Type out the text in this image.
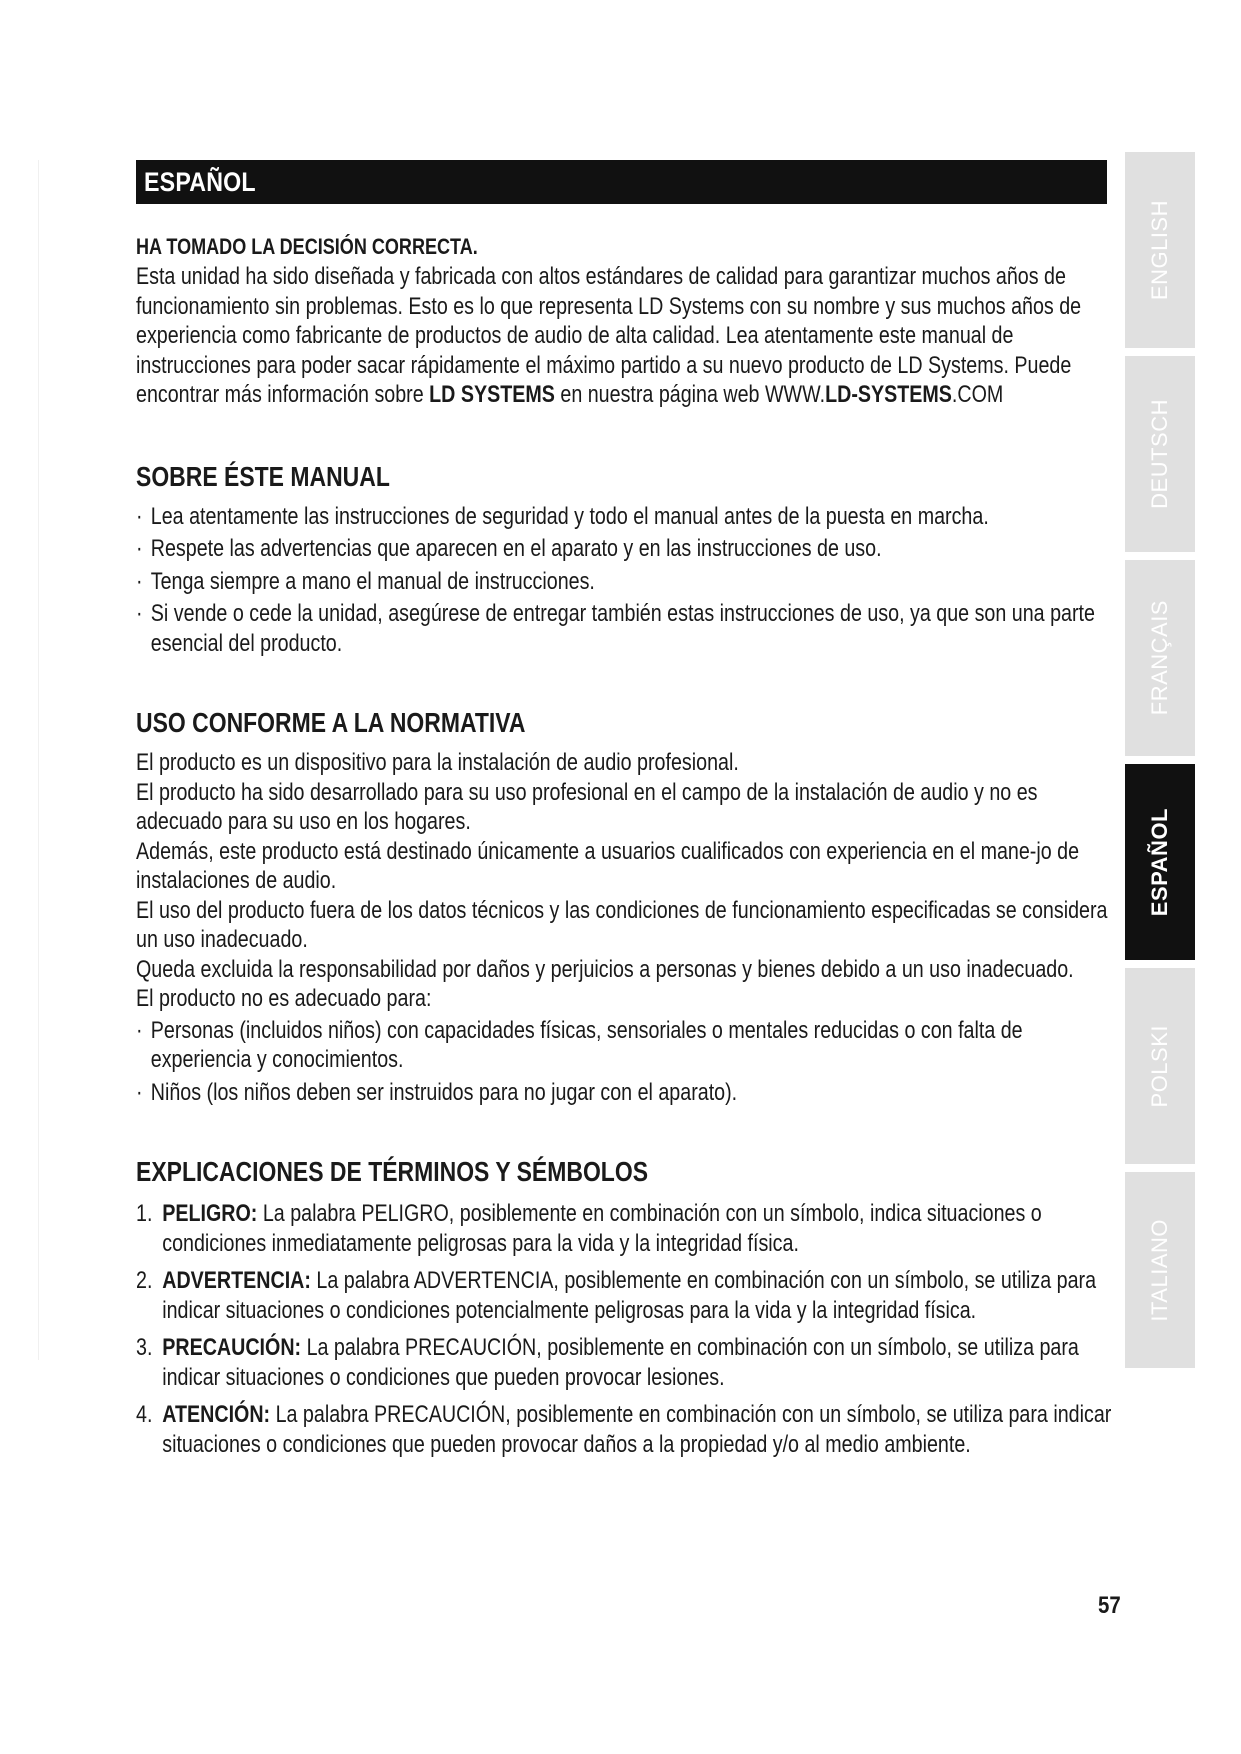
ESPAÑOL
HA TOMADO LA DECISIÓN CORRECTA.

Esta unidad ha sido diseñada y fabricada con altos estándares de calidad para garantizar muchos años de funcionamiento sin problemas. Esto es lo que representa LD Systems con su nombre y sus muchos años de experiencia como fabricante de productos de audio de alta calidad. Lea atentamente este manual de instrucciones para poder sacar rápidamente el máximo partido a su nuevo producto de LD Systems. Puede encontrar más información sobre LD SYSTEMS en nuestra página web WWW.LD-SYSTEMS.COM

SOBRE ÉSTE MANUAL
· Lea atentamente las instrucciones de seguridad y todo el manual antes de la puesta en marcha.
· Respete las advertencias que aparecen en el aparato y en las instrucciones de uso.
· Tenga siempre a mano el manual de instrucciones.
· Si vende o cede la unidad, asegúrese de entregar también estas instrucciones de uso, ya que son una parte esencial del producto.
USO CONFORME A LA NORMATIVA

El producto es un dispositivo para la instalación de audio profesional.

El producto ha sido desarrollado para su uso profesional en el campo de la instalación de audio y no es adecuado para su uso en los hogares.

Además, este producto está destinado únicamente a usuarios cualificados con experiencia en el mane-jo de instalaciones de audio.

El uso del producto fuera de los datos técnicos y las condiciones de funcionamiento especificadas se considera un uso inadecuado.

Queda excluida la responsabilidad por daños y perjuicios a personas y bienes debido a un uso inadecuado.

El producto no es adecuado para:

· Personas (incluidos niños) con capacidades físicas, sensoriales o mentales reducidas o con falta de experiencia y conocimientos.
· Niños (los niños deben ser instruidos para no jugar con el aparato).
EXPLICACIONES DE TÉRMINOS Y SÉMBOLOS
1. PELIGRO: La palabra PELIGRO, posiblemente en combinación con un símbolo, indica situaciones o condiciones inmediatamente peligrosas para la vida y la integridad física.
2. ADVERTENCIA: La palabra ADVERTENCIA, posiblemente en combinación con un símbolo, se utiliza para indicar situaciones o condiciones potencialmente peligrosas para la vida y la integridad física.
3. PRECAUCIÓN: La palabra PRECAUCIÓN, posiblemente en combinación con un símbolo, se utiliza para indicar situaciones o condiciones que pueden provocar lesiones.
4. ATENCIÓN: La palabra PRECAUCIÓN, posiblemente en combinación con un símbolo, se utiliza para indicar situaciones o condiciones que pueden provocar daños a la propiedad y/o al medio ambiente.
ENGLISH
DEUTSCH
FRANÇAIS
ESPAÑOL
POLSKI
ITALIANO
57
